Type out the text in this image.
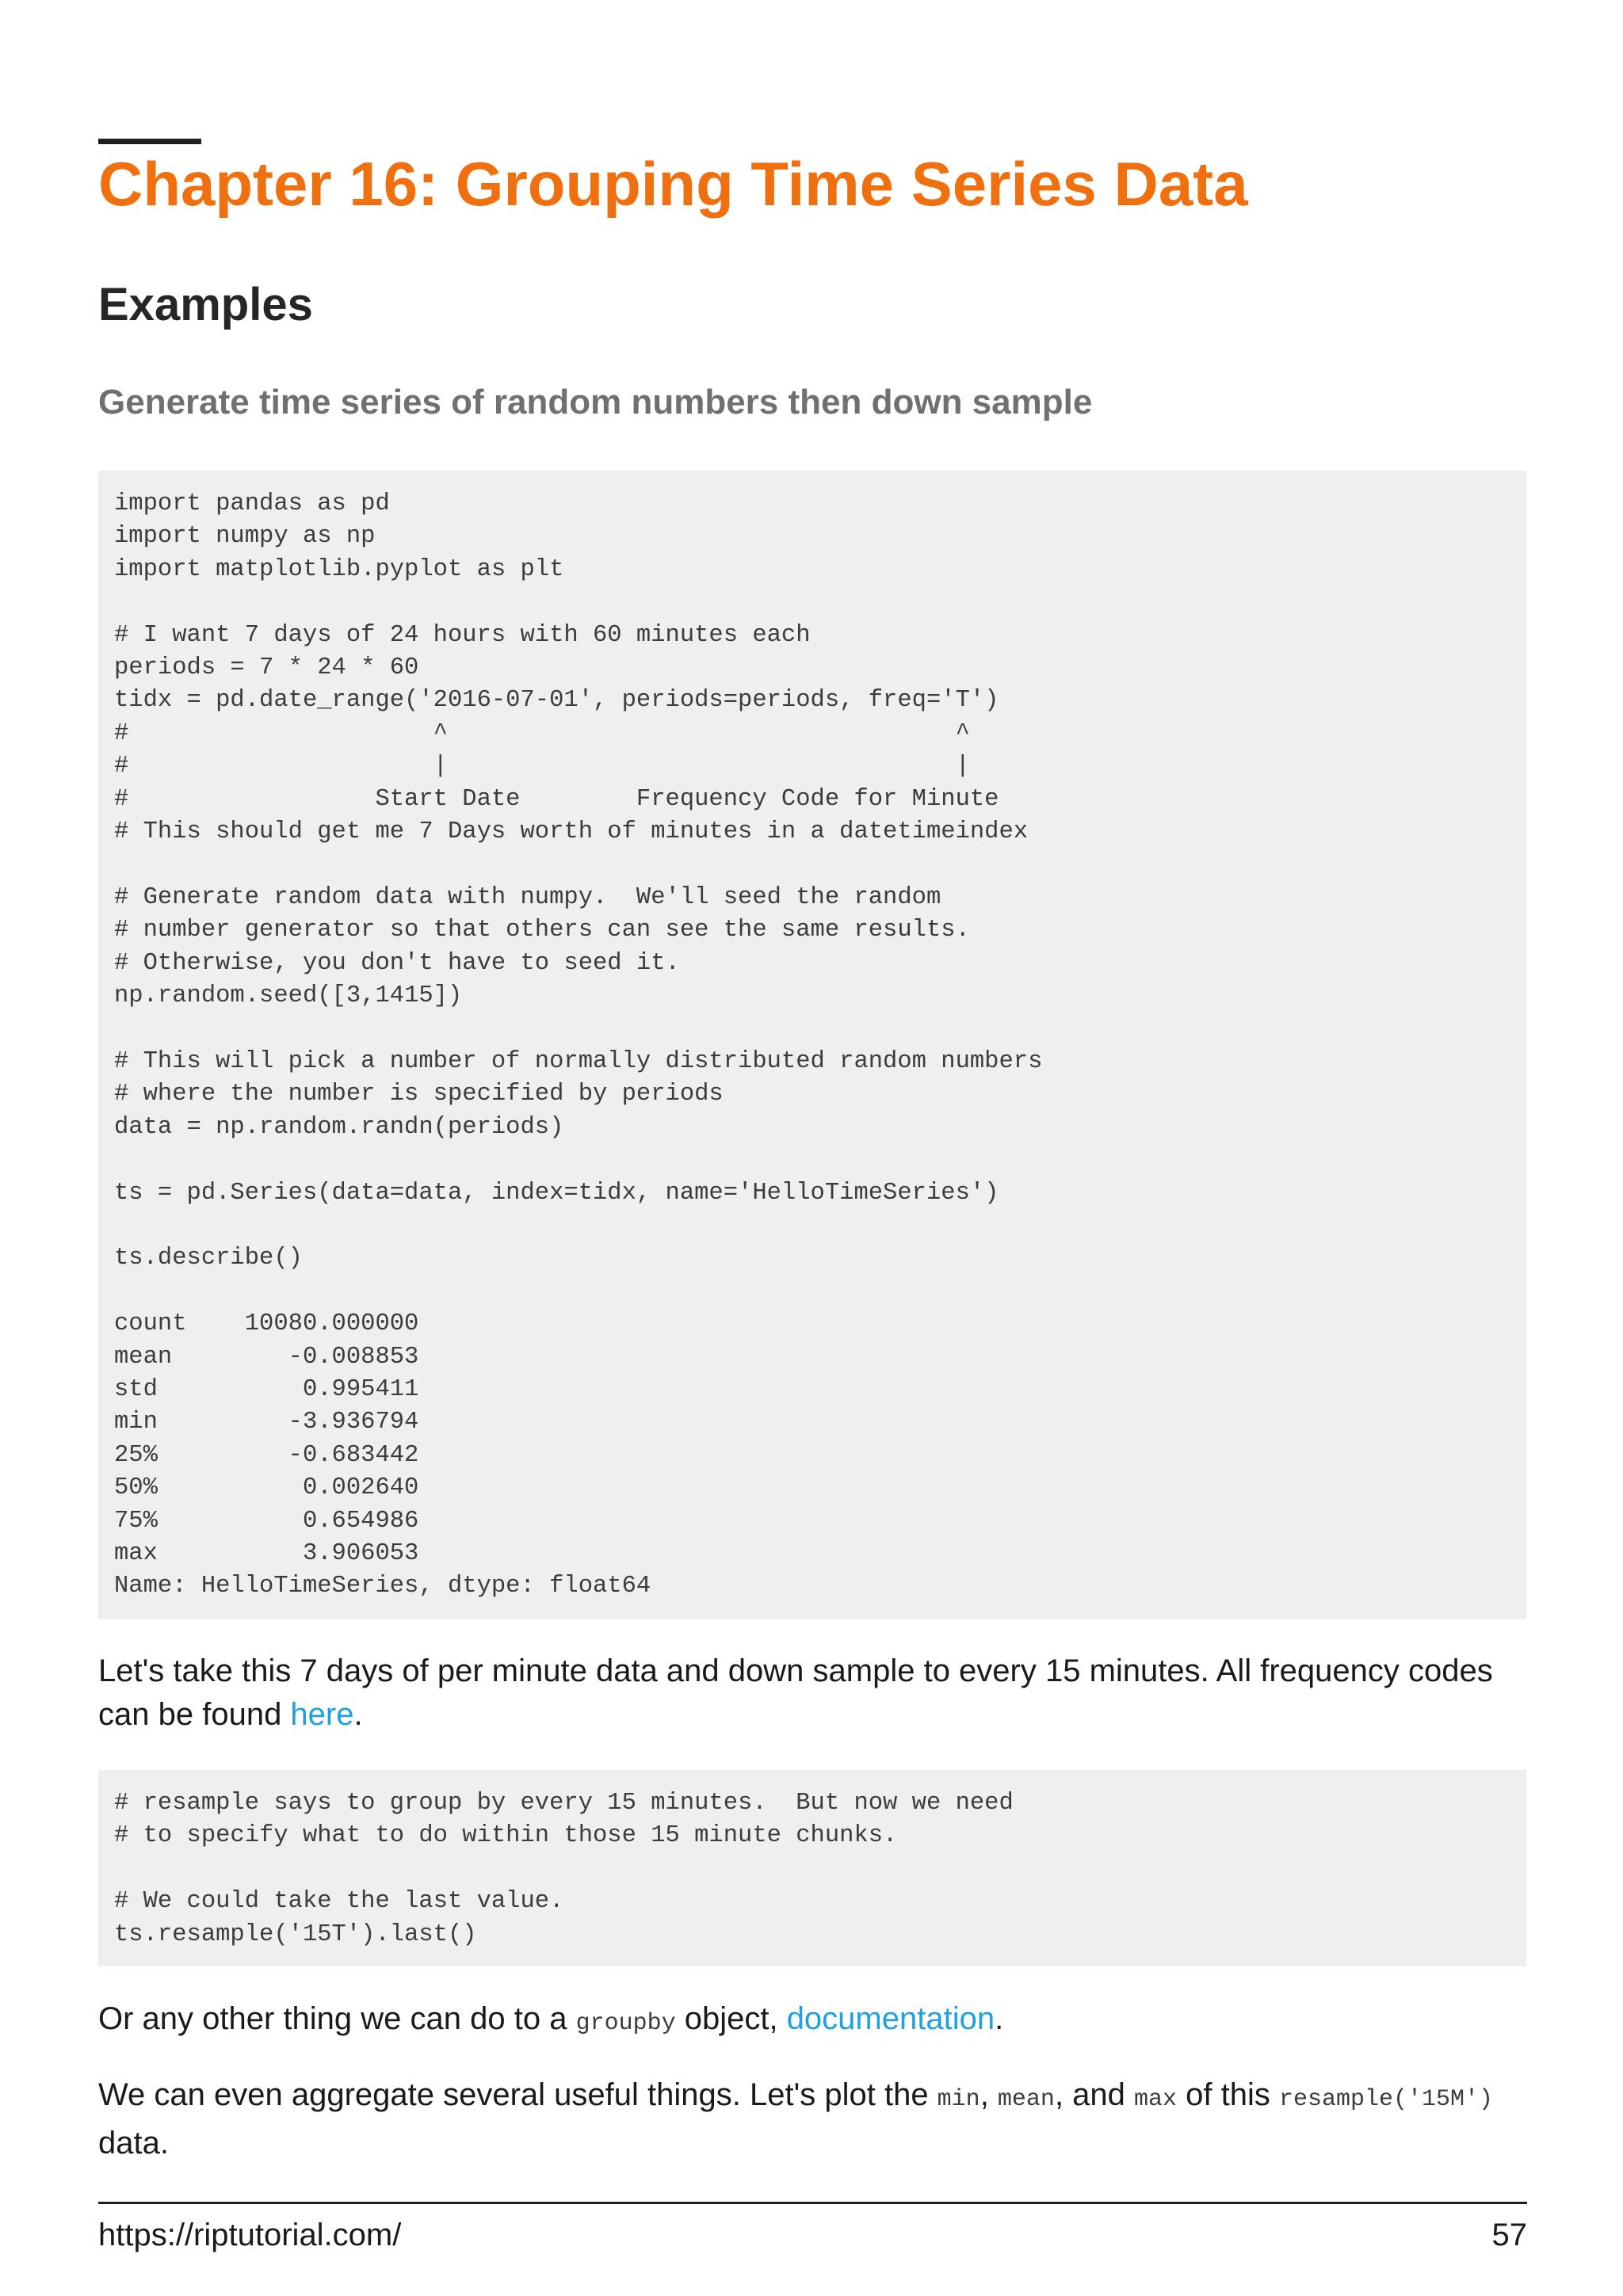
Chapter 16: Grouping Time Series Data
Examples
Generate time series of random numbers then down sample
import pandas as pd
import numpy as np
import matplotlib.pyplot as plt

# I want 7 days of 24 hours with 60 minutes each
periods = 7 * 24 * 60
tidx = pd.date_range('2016-07-01', periods=periods, freq='T')
#                     ^                                   ^
#                     |                                   |
#                 Start Date        Frequency Code for Minute
# This should get me 7 Days worth of minutes in a datetimeindex

# Generate random data with numpy.  We'll seed the random
# number generator so that others can see the same results.
# Otherwise, you don't have to seed it.
np.random.seed([3,1415])

# This will pick a number of normally distributed random numbers
# where the number is specified by periods
data = np.random.randn(periods)

ts = pd.Series(data=data, index=tidx, name='HelloTimeSeries')

ts.describe()

count    10080.000000
mean        -0.008853
std          0.995411
min         -3.936794
25%         -0.683442
50%          0.002640
75%          0.654986
max          3.906053
Name: HelloTimeSeries, dtype: float64

Let's take this 7 days of per minute data and down sample to every 15 minutes. All frequency codes can be found here.

# resample says to group by every 15 minutes.  But now we need
# to specify what to do within those 15 minute chunks.

# We could take the last value.
ts.resample('15T').last()

Or any other thing we can do to a groupby object, documentation.

We can even aggregate several useful things. Let's plot the min, mean, and max of this resample('15M') data.

https://riptutorial.com/	57
